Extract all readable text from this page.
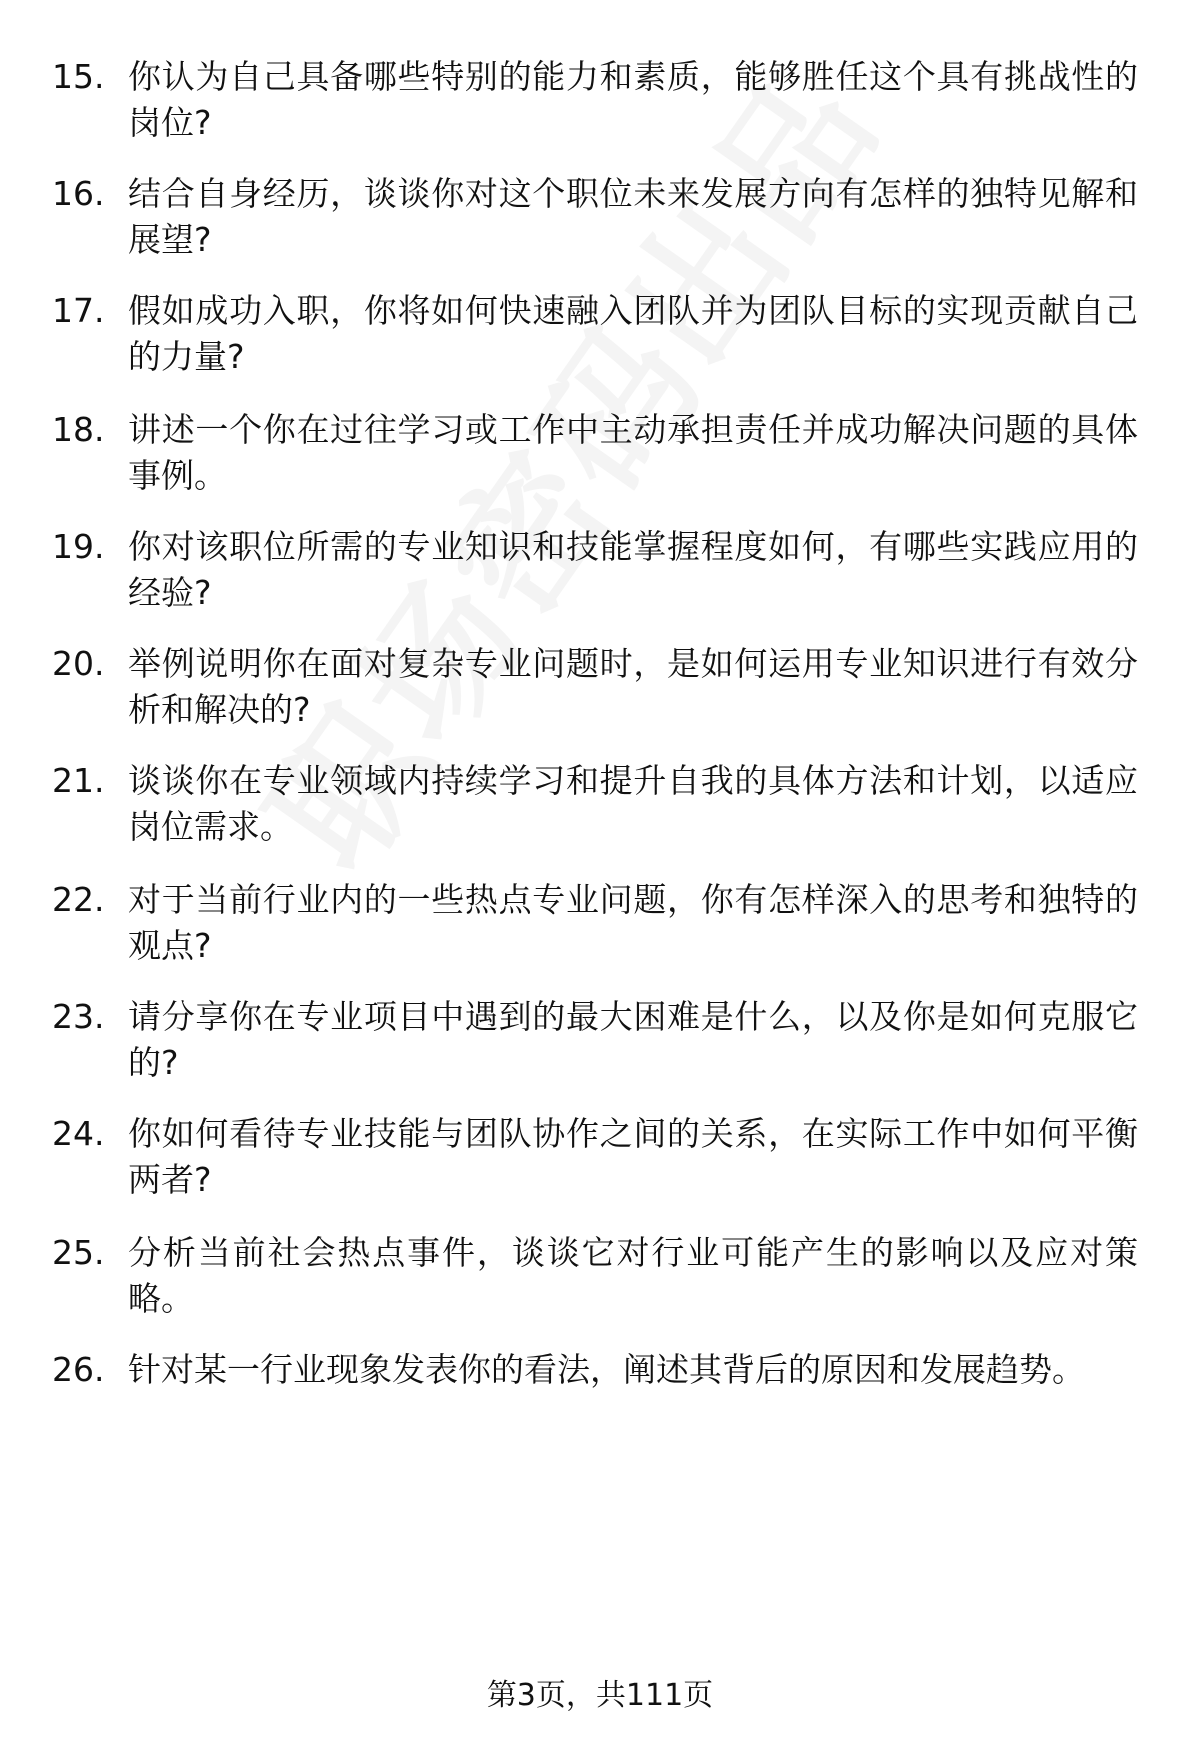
15. 你认为自己具备哪些特别的能力和素质，能够胜任这个具有挑战性的岗位?
16. 结合自身经历，谈谈你对这个职位未来发展方向有怎样的独特见解和展望?
17. 假如成功入职，你将如何快速融入团队并为团队目标的实现贡献自己的力量?
18. 讲述一个你在过往学习或工作中主动承担责任并成功解决问题的具体事例。
19. 你对该职位所需的专业知识和技能掌握程度如何，有哪些实践应用的经验?
20. 举例说明你在面对复杂专业问题时，是如何运用专业知识进行有效分析和解决的?
21. 谈谈你在专业领域内持续学习和提升自我的具体方法和计划，以适应岗位需求。
22. 对于当前行业内的一些热点专业问题，你有怎样深入的思考和独特的观点?
23. 请分享你在专业项目中遇到的最大困难是什么，以及你是如何克服它的?
24. 你如何看待专业技能与团队协作之间的关系，在实际工作中如何平衡两者?
25. 分析当前社会热点事件，谈谈它对行业可能产生的影响以及应对策略。
26. 针对某一行业现象发表你的看法，阐述其背后的原因和发展趋势。
第3页，共111页
